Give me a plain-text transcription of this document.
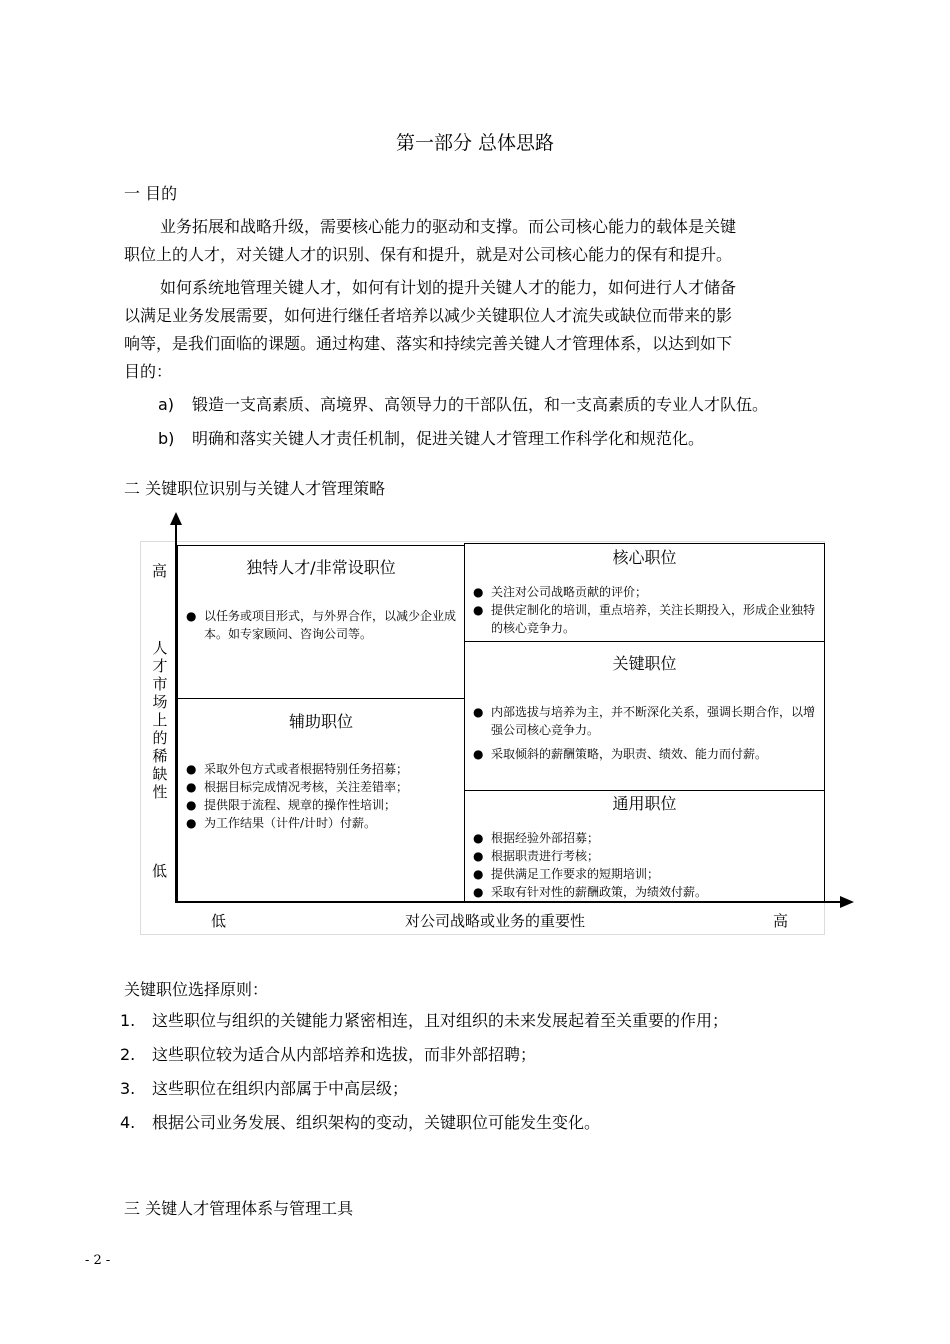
第一部分 总体思路
一 目的
业务拓展和战略升级，需要核心能力的驱动和支撑。而公司核心能力的载体是关键
职位上的人才，对关键人才的识别、保有和提升，就是对公司核心能力的保有和提升。
如何系统地管理关键人才，如何有计划的提升关键人才的能力，如何进行人才储备
以满足业务发展需要，如何进行继任者培养以减少关键职位人才流失或缺位而带来的影
响等，是我们面临的课题。通过构建、落实和持续完善关键人才管理体系，以达到如下
目的：
a) 锻造一支高素质、高境界、高领导力的干部队伍，和一支高素质的专业人才队伍。
b) 明确和落实关键人才责任机制，促进关键人才管理工作科学化和规范化。
二 关键职位识别与关键人才管理策略
高
低
人
才
市
场
上
的
稀
缺
性
低	对公司战略或业务的重要性	高
独特人才/非常设职位
● 以任务或项目形式，与外界合作，以减少企业成本。如专家顾问、咨询公司等。
辅助职位
● 采取外包方式或者根据特别任务招募；
● 根据目标完成情况考核，关注差错率；
● 提供限于流程、规章的操作性培训；
● 为工作结果（计件/计时）付薪。
核心职位
● 关注对公司战略贡献的评价；
● 提供定制化的培训，重点培养，关注长期投入，形成企业独特的核心竞争力。
关键职位
● 内部选拔与培养为主，并不断深化关系，强调长期合作，以增强公司核心竞争力。
● 采取倾斜的薪酬策略，为职责、绩效、能力而付薪。
通用职位
● 根据经验外部招募；
● 根据职责进行考核；
● 提供满足工作要求的短期培训；
● 采取有针对性的薪酬政策，为绩效付薪。
关键职位选择原则：
1. 这些职位与组织的关键能力紧密相连，且对组织的未来发展起着至关重要的作用；
2. 这些职位较为适合从内部培养和选拔，而非外部招聘；
3. 这些职位在组织内部属于中高层级；
4. 根据公司业务发展、组织架构的变动，关键职位可能发生变化。
三 关键人才管理体系与管理工具
- 2 -
